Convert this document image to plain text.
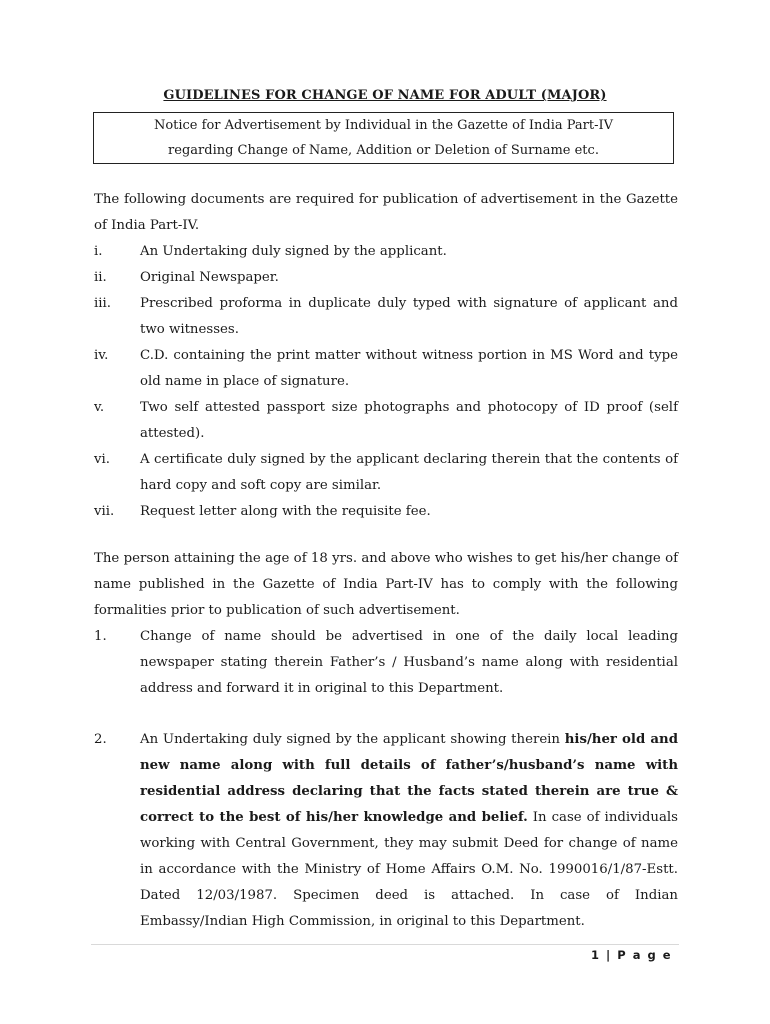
GUIDELINES FOR CHANGE OF NAME FOR ADULT (MAJOR)
Notice for Advertisement by Individual in the Gazette of India Part-IV
regarding Change of Name, Addition or Deletion of Surname etc.
The following documents are required for publication of advertisement in the Gazette of India Part-IV.
i.	An Undertaking duly signed by the applicant.
ii.	Original Newspaper.
iii. Prescribed proforma in duplicate duly typed with signature of applicant and two witnesses.
iv. C.D. containing the print matter without witness portion in MS Word and type old name in place of signature.
v.	Two self attested passport size photographs and photocopy of ID proof (self attested).
vi. A certificate duly signed by the applicant declaring therein that the contents of hard copy and soft copy are similar.
vii. Request letter along with the requisite fee.
The person attaining the age of 18 yrs. and above who wishes to get his/her change of name published in the Gazette of India Part-IV has to comply with the following formalities prior to publication of such advertisement.
1.	Change of name should be advertised in one of the daily local leading newspaper stating therein Father’s / Husband’s name along with residential address and forward it in original to this Department.
2.	An Undertaking duly signed by the applicant showing therein his/her old and new name along with full details of father’s/husband’s name with residential address declaring that the facts stated therein are true & correct to the best of his/her knowledge and belief. In case of individuals working with Central Government, they may submit Deed for change of name in accordance with the Ministry of Home Affairs O.M. No. 1990016/1/87-Estt. Dated 12/03/1987. Specimen deed is attached. In case of Indian Embassy/Indian High Commission, in original to this Department.
1 | P a g e
